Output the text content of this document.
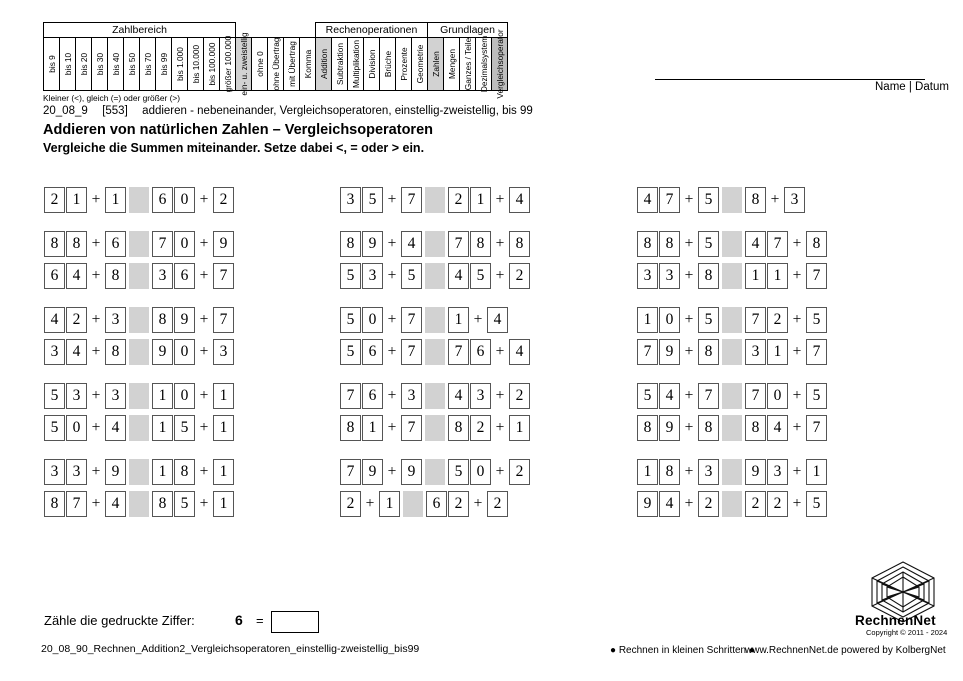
Zahlbereich																	Rechenoperationen							Grundlagen				

bis 9	bis 10	bis 20	bis 30	bis 40	bis 50	bis 70	bis 99	bis 1.000	bis 10.000	bis 100.000	größer 100.000	ein- u. zweistellig	ohne 0	ohne Übertrag	mit Übertrag	Komma	Addition	Subtraktion	Multiplikation	Division	Brüche	Prozente	Geometrie	Zahlen	Mengen	Ganzes / Teile	Dezimalsystem	Vergleichsoperator
Kleiner (<), gleich (=) oder größer (>)
Name | Datum
20_08_9 [553] addieren - nebeneinander, Vergleichsoperatoren, einstellig-zweistellig, bis 99
Addieren von natürlichen Zahlen – Vergleichsoperatoren
Vergleiche die Summen miteinander. Setze dabei <, = oder > ein.
2 1 + 1	6 0 + 2
8 8 + 6	7 0 + 9
6 4 + 8	3 6 + 7
4 2 + 3	8 9 + 7
3 4 + 8	9 0 + 3
5 3 + 3	1 0 + 1
5 0 + 4	1 5 + 1
3 3 + 9	1 8 + 1
8 7 + 4	8 5 + 1
3 5 + 7	2 1 + 4
8 9 + 4	7 8 + 8
5 3 + 5	4 5 + 2
5 0 + 7	1 + 4
5 6 + 7	7 6 + 4
7 6 + 3	4 3 + 2
8 1 + 7	8 2 + 1
7 9 + 9	5 0 + 2
2 + 1	6 2 + 2
4 7 + 5	8 + 3
8 8 + 5	4 7 + 8
3 3 + 8	1 1 + 7
1 0 + 5	7 2 + 5
7 9 + 8	3 1 + 7
5 4 + 7	7 0 + 5
8 9 + 8	8 4 + 7
1 8 + 3	9 3 + 1
9 4 + 2	2 2 + 5
Zähle die gedruckte Ziffer:	6 =
20_08_90_Rechnen_Addition2_Vergleichsoperatoren_einstellig-zweistellig_bis99	● Rechnen in kleinen Schritten ●
www.RechnenNet.de powered by KolbergNet
RechnenNet
Copyright © 2011 - 2024
